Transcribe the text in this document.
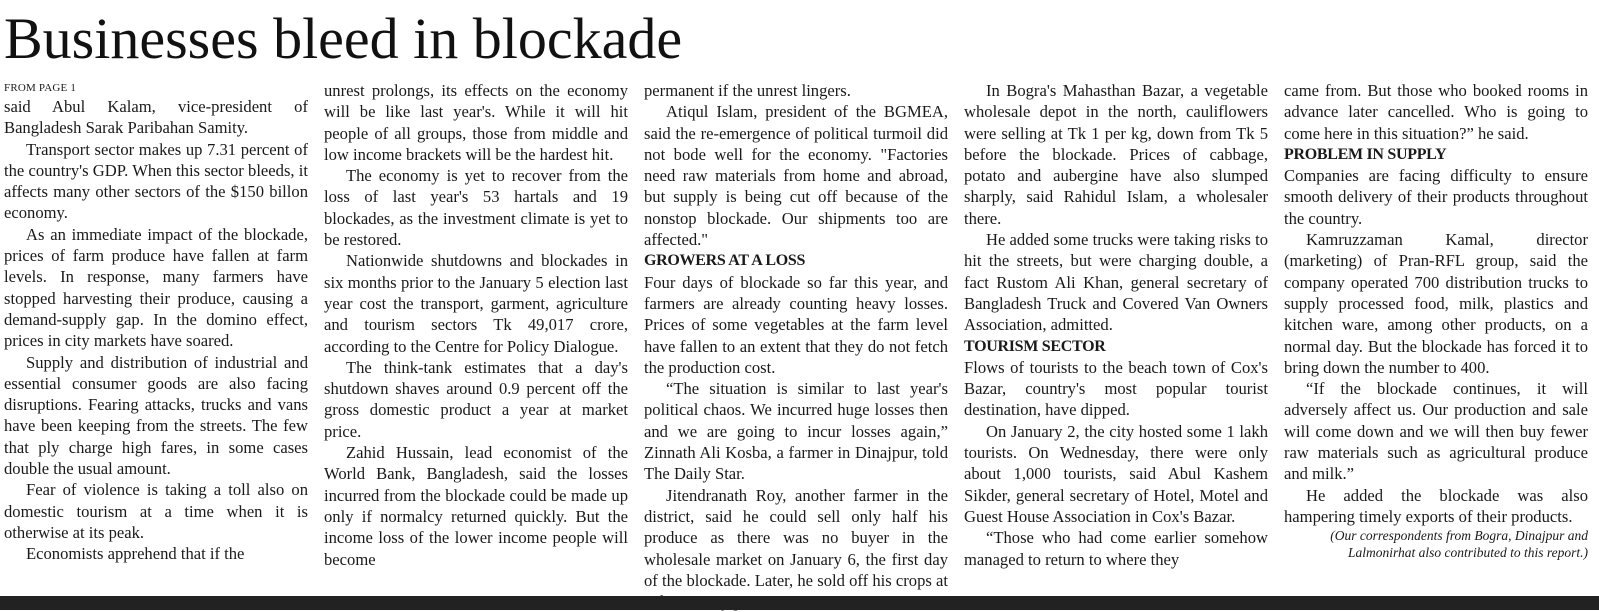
Businesses bleed in blockade

FROM PAGE 1

said Abul Kalam, vice-president of Bangladesh Sarak Paribahan Samity.

Transport sector makes up 7.31 percent of the country's GDP. When this sector bleeds, it affects many other sectors of the $150 billon economy.

As an immediate impact of the blockade, prices of farm produce have fallen at farm levels. In response, many farmers have stopped harvesting their produce, causing a demand-supply gap. In the domino effect, prices in city markets have soared.

Supply and distribution of industrial and essential consumer goods are also facing disruptions. Fearing attacks, trucks and vans have been keeping from the streets. The few that ply charge high fares, in some cases double the usual amount.

Fear of violence is taking a toll also on domestic tourism at a time when it is otherwise at its peak.

Economists apprehend that if the

unrest prolongs, its effects on the economy will be like last year's. While it will hit people of all groups, those from middle and low income brackets will be the hardest hit.

The economy is yet to recover from the loss of last year's 53 hartals and 19 blockades, as the investment climate is yet to be restored.

Nationwide shutdowns and blockades in six months prior to the January 5 election last year cost the transport, garment, agriculture and tourism sectors Tk 49,017 crore, according to the Centre for Policy Dialogue.

The think-tank estimates that a day's shutdown shaves around 0.9 percent off the gross domestic product a year at market price.

Zahid Hussain, lead economist of the World Bank, Bangladesh, said the losses incurred from the blockade could be made up only if normalcy returned quickly. But the income loss of the lower income people will become

permanent if the unrest lingers.

Atiqul Islam, president of the BGMEA, said the re-emergence of political turmoil did not bode well for the economy. "Factories need raw materials from home and abroad, but supply is being cut off because of the nonstop blockade. Our shipments too are affected."

GROWERS AT A LOSS

Four days of blockade so far this year, and farmers are already counting heavy losses. Prices of some vegetables at the farm level have fallen to an extent that they do not fetch the production cost.

“The situation is similar to last year's political chaos. We incurred huge losses then and we are going to incur losses again,” Zinnath Ali Kosba, a farmer in Dinajpur, told The Daily Star.

Jitendranath Roy, another farmer in the district, said he could sell only half his produce as there was no buyer in the wholesale market on January 6, the first day of the blockade. Later, he sold off his crops at

In Bogra's Mahasthan Bazar, a vegetable wholesale depot in the north, cauliflowers were selling at Tk 1 per kg, down from Tk 5 before the blockade. Prices of cabbage, potato and aubergine have also slumped sharply, said Rahidul Islam, a wholesaler there.

He added some trucks were taking risks to hit the streets, but were charging double, a fact Rustom Ali Khan, general secretary of Bangladesh Truck and Covered Van Owners Association, admitted.

TOURISM SECTOR

Flows of tourists to the beach town of Cox's Bazar, country's most popular tourist destination, have dipped.

On January 2, the city hosted some 1 lakh tourists. On Wednesday, there were only about 1,000 tourists, said Abul Kashem Sikder, general secretary of Hotel, Motel and Guest House Association in Cox's Bazar.

“Those who had come earlier somehow managed to return to where they

came from. But those who booked rooms in advance later cancelled. Who is going to come here in this situation?” he said.

PROBLEM IN SUPPLY

Companies are facing difficulty to ensure smooth delivery of their products throughout the country.

Kamruzzaman Kamal, director (marketing) of Pran-RFL group, said the company operated 700 distribution trucks to supply processed food, milk, plastics and kitchen ware, among other products, on a normal day. But the blockade has forced it to bring down the number to 400.

“If the blockade continues, it will adversely affect us. Our production and sale will come down and we will then buy fewer raw materials such as agricultural produce and milk.”

He added the blockade was also hampering timely exports of their products.

(Our correspondents from Bogra, Dinajpur and Lalmonirhat also contributed to this report.)
